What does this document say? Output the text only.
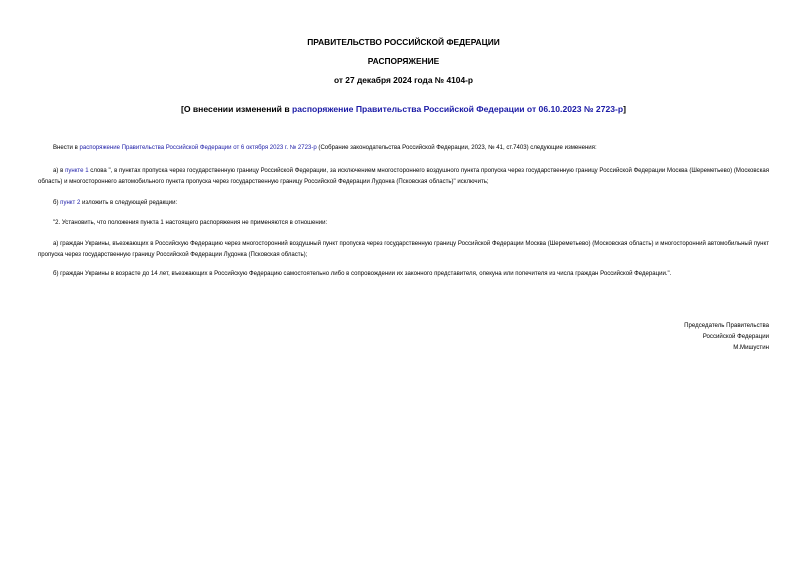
ПРАВИТЕЛЬСТВО РОССИЙСКОЙ ФЕДЕРАЦИИ
РАСПОРЯЖЕНИЕ
от 27 декабря 2024 года № 4104-р
[О внесении изменений в распоряжение Правительства Российской Федерации от 06.10.2023 № 2723-р]
Внести в распоряжение Правительства Российской Федерации от 6 октября 2023 г. № 2723-р (Собрание законодательства Российской Федерации, 2023, № 41, ст.7403) следующие изменения:
а) в пункте 1 слова ", в пунктах пропуска через государственную границу Российской Федерации, за исключением многостороннего воздушного пункта пропуска через государственную границу Российской Федерации Москва (Шереметьево) (Московская область) и многостороннего автомобильного пункта пропуска через государственную границу Российской Федерации Лудонка (Псковская область)" исключить;
б) пункт 2 изложить в следующей редакции:
"2. Установить, что положения пункта 1 настоящего распоряжения не применяются в отношении:
а) граждан Украины, въезжающих в Российскую Федерацию через многосторонний воздушный пункт пропуска через государственную границу Российской Федерации Москва (Шереметьево) (Московская область) и многосторонний автомобильный пункт пропуска через государственную границу Российской Федерации Лудонка (Псковская область);
б) граждан Украины в возрасте до 14 лет, въезжающих в Российскую Федерацию самостоятельно либо в сопровождении их законного представителя, опекуна или попечителя из числа граждан Российской Федерации.".
Председатель Правительства
Российской Федерации
М.Мишустин
